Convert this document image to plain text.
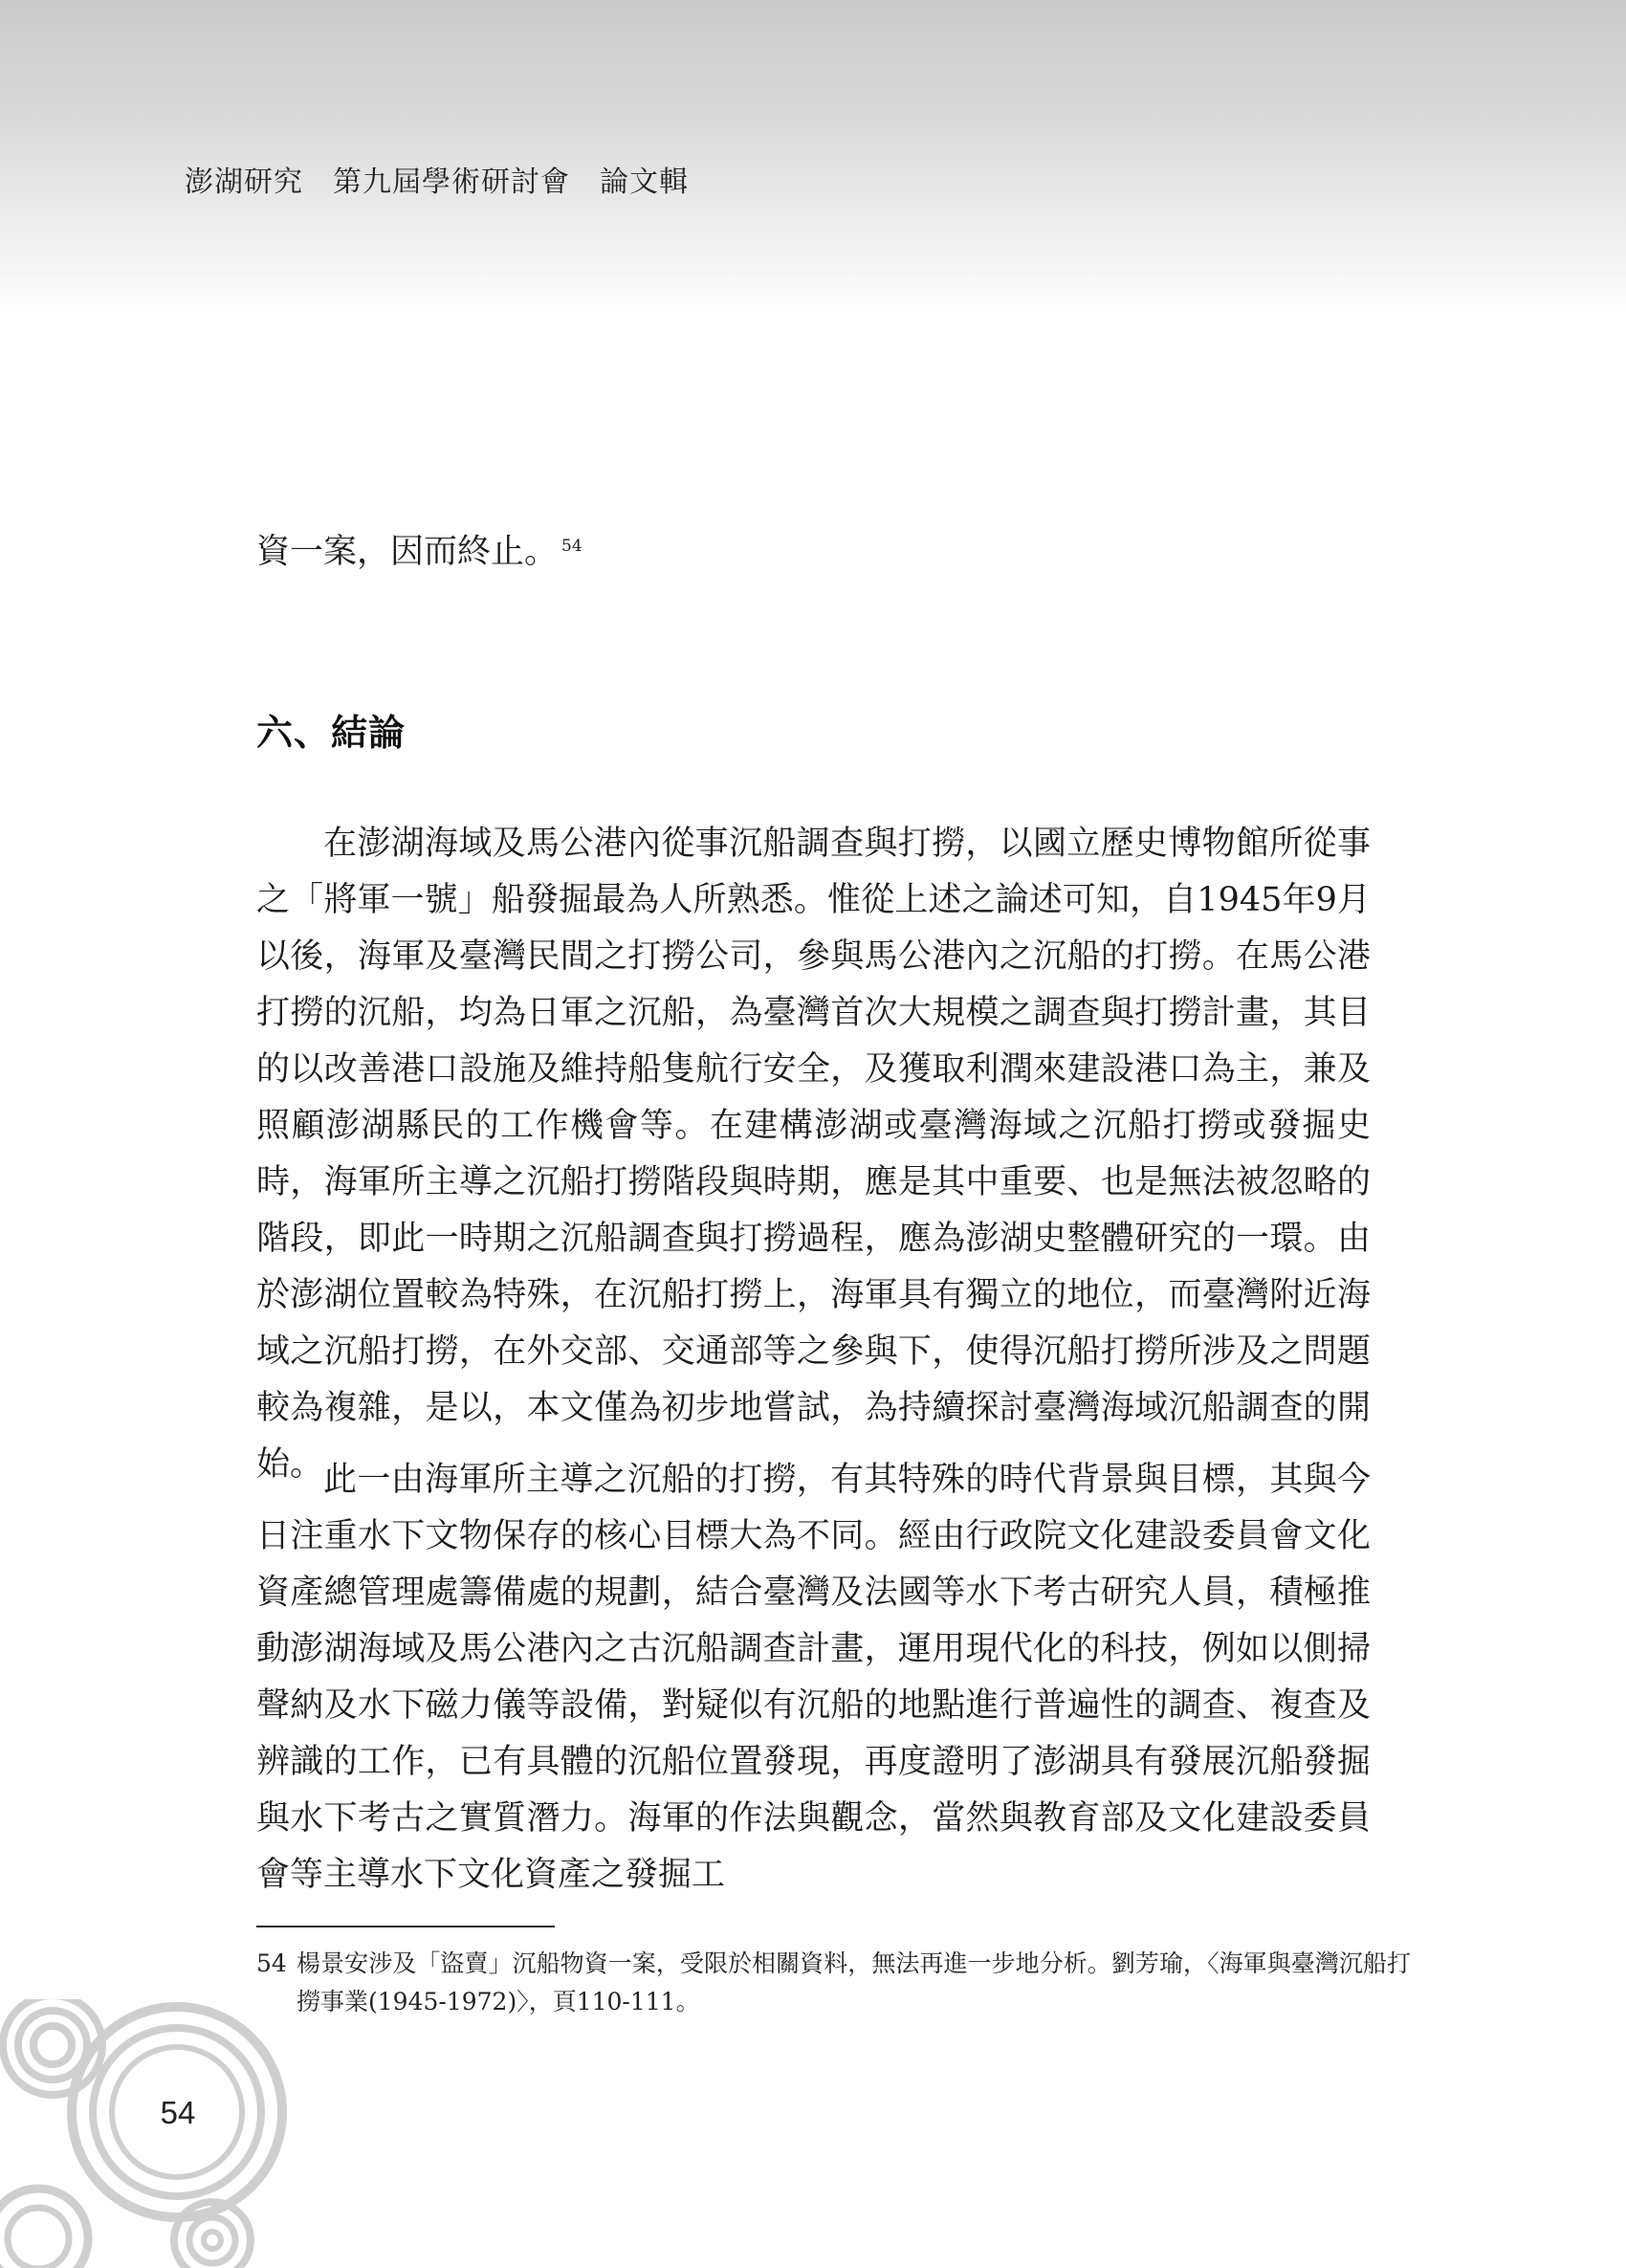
澎湖研究　第九屆學術研討會　論文輯
資一案，因而終止。 $^{54}$
六、結論
在澎湖海域及馬公港內從事沉船調查與打撈，以國立歷史博物館所從事之「將軍一號」船發掘最為人所熟悉。惟從上述之論述可知，自1945年9月以後，海軍及臺灣民間之打撈公司，參與馬公港內之沉船的打撈。在馬公港打撈的沉船，均為日軍之沉船，為臺灣首次大規模之調查與打撈計畫，其目的以改善港口設施及維持船隻航行安全，及獲取利潤來建設港口為主，兼及照顧澎湖縣民的工作機會等。在建構澎湖或臺灣海域之沉船打撈或發掘史時，海軍所主導之沉船打撈階段與時期，應是其中重要、也是無法被忽略的階段，即此一時期之沉船調查與打撈過程，應為澎湖史整體研究的一環。由於澎湖位置較為特殊，在沉船打撈上，海軍具有獨立的地位，而臺灣附近海域之沉船打撈，在外交部、交通部等之參與下，使得沉船打撈所涉及之問題較為複雜，是以，本文僅為初步地嘗試，為持續探討臺灣海域沉船調查的開始。 此一由海軍所主導之沉船的打撈，有其特殊的時代背景與目標，其與今日注重水下文物保存的核心目標大為不同。經由行政院文化建設委員會文化資產總管理處籌備處的規劃，結合臺灣及法國等水下考古研究人員，積極推動澎湖海域及馬公港內之古沉船調查計畫，運用現代化的科技，例如以側掃聲納及水下磁力儀等設備，對疑似有沉船的地點進行普遍性的調查、複查及辨識的工作，已有具體的沉船位置發現，再度證明了澎湖具有發展沉船發掘與水下考古之實質潛力。海軍的作法與觀念，當然與教育部及文化建設委員會等主導水下文化資產之發掘工
54 楊景安涉及「盜賣」沉船物資一案，受限於相關資料，無法再進一步地分析。劉芳瑜，〈海軍與臺灣沉船打撈事業(1945-1972)〉，頁110-111。
54
